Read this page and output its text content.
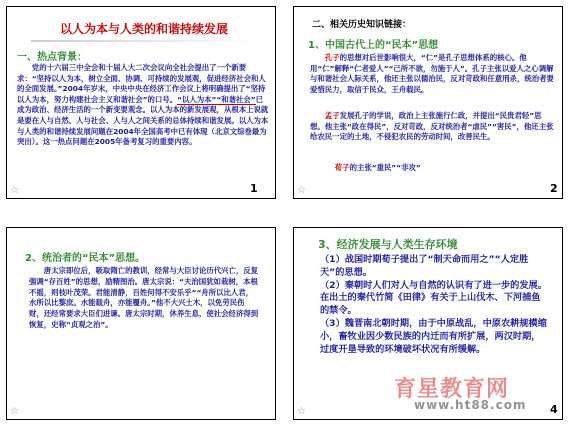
以人为本与人类的和谐持续发展
一、热点背景：
党的十六届三中全会和十届人大二次会议向全社会提出了一个新要求：“坚持以人为本，树立全面、协调、可持续的发展观，促进经济社会和人的全面发展。”2004年岁末，中央中央在经济工作会议上将明确提出了“坚持以人为本，努力构建社会主义和谐社会”的口号。“以人为本”“和谐社会”已成为政治、经济生活的一个新变要观念。以人为本的新发展观，从根本上说就是要在人与自然、人与社会、人与人之间关系的总体持续和谐发展。以人为本与人类的和谐持续发展问题在2004年全国高考中已有体现（北京文综卷最为突出）。这一热点问题在2005年备考复习的重要内容。
☆	1
二、相关历史知识链接：
1、中国古代上的“民本”思想
孔子的思想对后世影响很大，“仁”是孔子思想体系的核心。他用“仁”解释“仁者爱人”“己所不欲，勿施于人”。孔子主张以爱人之心调解与和谐社会人际关系，他还主张以德治民，反对苛政和任意刑杀，统治者要爱惜民力，取信于民众，王舟载民。
孟子发展孔子的学说，政治上主张施行仁政，并提出“民贵君轻”思想。他主张“政在得民”，反对苛政，反对统治者“虐民”“害民”，他还主张给农民一定的土地，不侵犯农民的劳动时间，改善民生。
荀子的主张“重民”“非攻”
☆	2
2、统治者的“民本”思想。
唐太宗即位后，吸取隋亡的教训，经常与大臣讨论历代兴亡，反复强调“存百姓”的思想，励精图治。唐太宗说：“夫治国犹如栽树，本根不摇，则枝叶茂荣。君能清静，百姓何得不安乐乎”“舟所以比人君，水所以比黎庶。水能载舟，亦能覆舟。”他不大兴土木，以免劳民伤财，还经常要求大臣们进谏。唐太宗时期，休养生息，使社会经济得到恢复，史称“贞观之治”。
☆
3、经济发展与人类生存环境
（1）战国时期荀子提出了“制天命而用之”“人定胜天”的思想。
（2）秦朝时人们对人与自然的认识有了进一步的发展。在出土的秦代竹简《田律》有关于上山伐木、下河捕鱼的禁令。
（3）魏晋南北朝时期，由于中原战乱，中原农耕规模缩小，畜牧业因少数民族的内迁而有所扩展，两汉时期，过度开垦导致的环境破坏状况有所缓解。
☆	4
育星教育网
www.ht88.com
